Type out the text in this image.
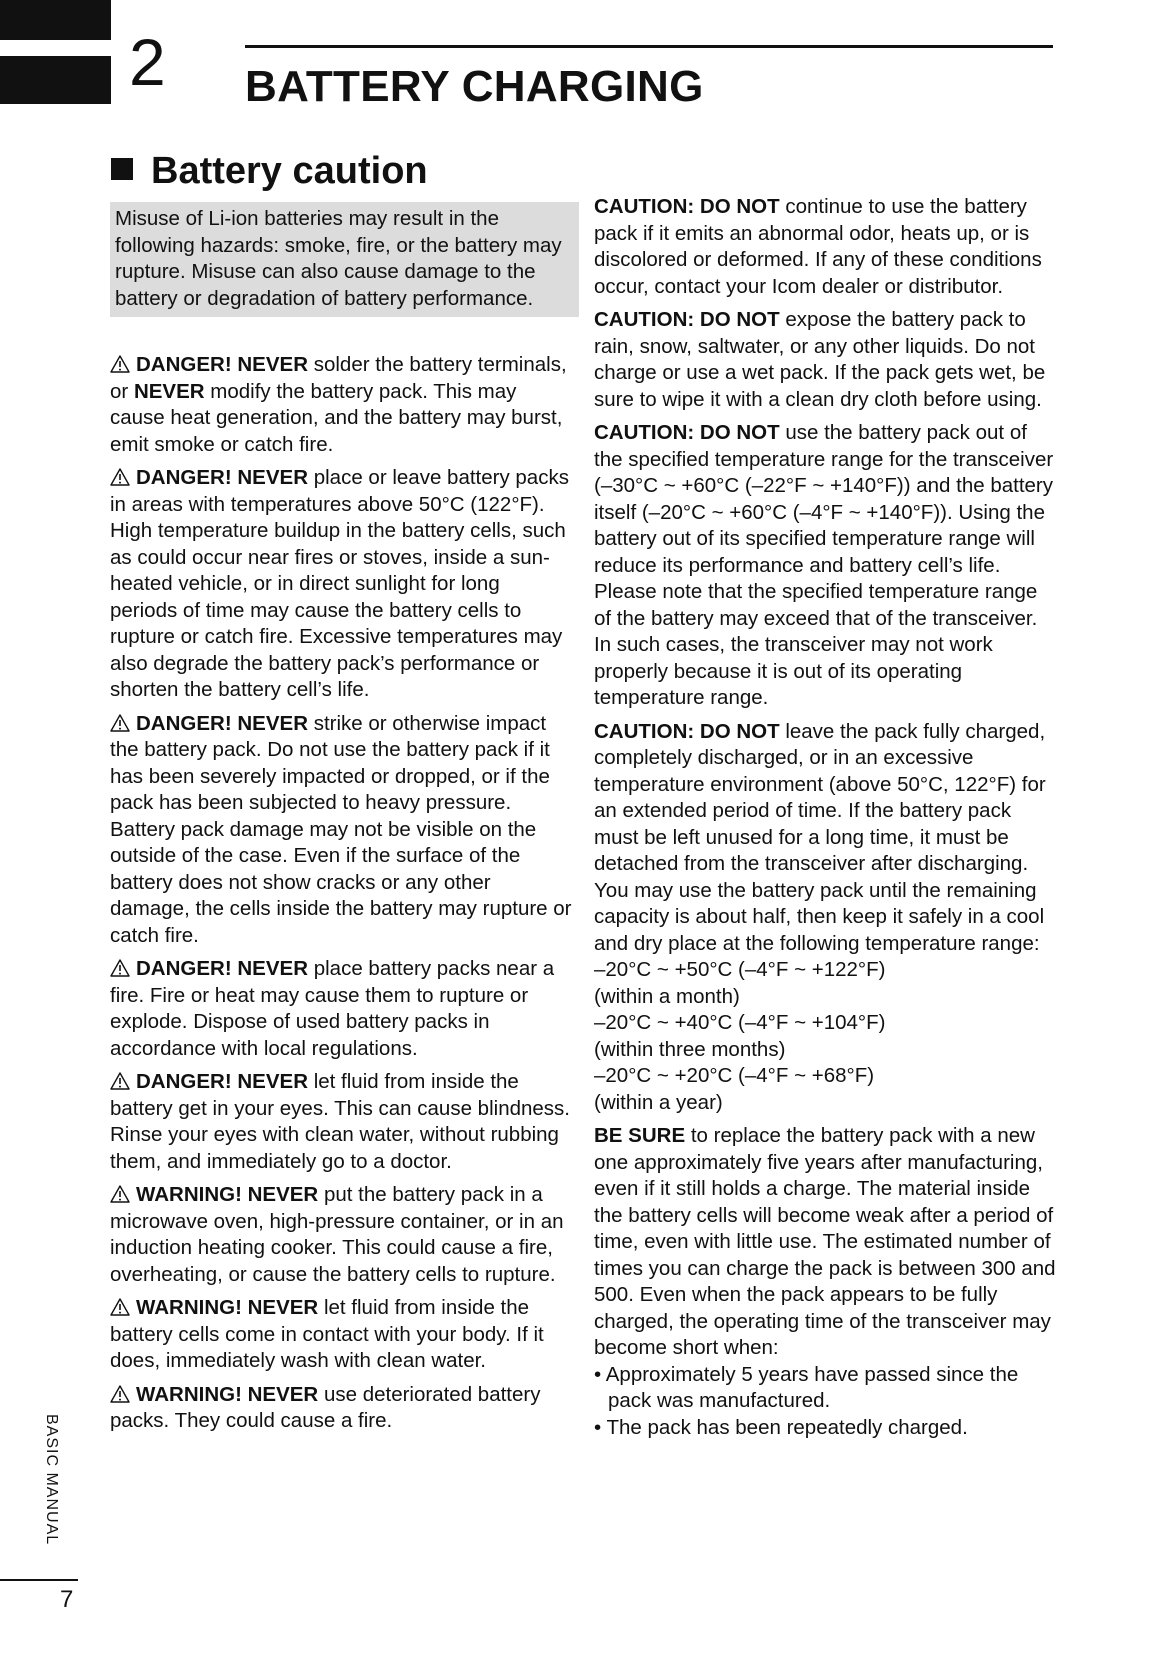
2 BATTERY CHARGING
Battery caution
Misuse of Li-ion batteries may result in the following hazards: smoke, fire, or the battery may rupture. Misuse can also cause damage to the battery or degradation of battery performance.

DANGER! NEVER solder the battery terminals, or NEVER modify the battery pack. This may cause heat generation, and the battery may burst, emit smoke or catch fire.

DANGER! NEVER place or leave battery packs in areas with temperatures above 50°C (122°F). High temperature buildup in the battery cells, such as could occur near fires or stoves, inside a sun-heated vehicle, or in direct sunlight for long periods of time may cause the battery cells to rupture or catch fire. Excessive temperatures may also degrade the battery pack’s performance or shorten the battery cell’s life.

DANGER! NEVER strike or otherwise impact the battery pack. Do not use the battery pack if it has been severely impacted or dropped, or if the pack has been subjected to heavy pressure. Battery pack damage may not be visible on the outside of the case. Even if the surface of the battery does not show cracks or any other damage, the cells inside the battery may rupture or catch fire.

DANGER! NEVER place battery packs near a fire. Fire or heat may cause them to rupture or explode. Dispose of used battery packs in accordance with local regulations.

DANGER! NEVER let fluid from inside the battery get in your eyes. This can cause blindness. Rinse your eyes with clean water, without rubbing them, and immediately go to a doctor.

WARNING! NEVER put the battery pack in a microwave oven, high-pressure container, or in an induction heating cooker. This could cause a fire, overheating, or cause the battery cells to rupture.

WARNING! NEVER let fluid from inside the battery cells come in contact with your body. If it does, immediately wash with clean water.

WARNING! NEVER use deteriorated battery packs. They could cause a fire.

CAUTION: DO NOT continue to use the battery pack if it emits an abnormal odor, heats up, or is discolored or deformed. If any of these conditions occur, contact your Icom dealer or distributor.

CAUTION: DO NOT expose the battery pack to rain, snow, saltwater, or any other liquids. Do not charge or use a wet pack. If the pack gets wet, be sure to wipe it with a clean dry cloth before using.

CAUTION: DO NOT use the battery pack out of the specified temperature range for the transceiver (–30°C ~ +60°C (–22°F ~ +140°F)) and the battery itself (–20°C ~ +60°C (–4°F ~ +140°F)). Using the battery out of its specified temperature range will reduce its performance and battery cell’s life. Please note that the specified temperature range of the battery may exceed that of the transceiver. In such cases, the transceiver may not work properly because it is out of its operating temperature range.

CAUTION: DO NOT leave the pack fully charged, completely discharged, or in an excessive temperature environment (above 50°C, 122°F) for an extended period of time. If the battery pack must be left unused for a long time, it must be detached from the transceiver after discharging. You may use the battery pack until the remaining capacity is about half, then keep it safely in a cool and dry place at the following temperature range:

–20°C ~ +50°C (–4°F ~ +122°F)
(within a month)
–20°C ~ +40°C (–4°F ~ +104°F)
(within three months)
–20°C ~ +20°C (–4°F ~ +68°F)
(within a year)

BE SURE to replace the battery pack with a new one approximately five years after manufacturing, even if it still holds a charge. The material inside the battery cells will become weak after a period of time, even with little use. The estimated number of times you can charge the pack is between 300 and 500. Even when the pack appears to be fully charged, the operating time of the transceiver may become short when:

• Approximately 5 years have passed since the pack was manufactured.

• The pack has been repeatedly charged.

BASIC MANUAL
7
